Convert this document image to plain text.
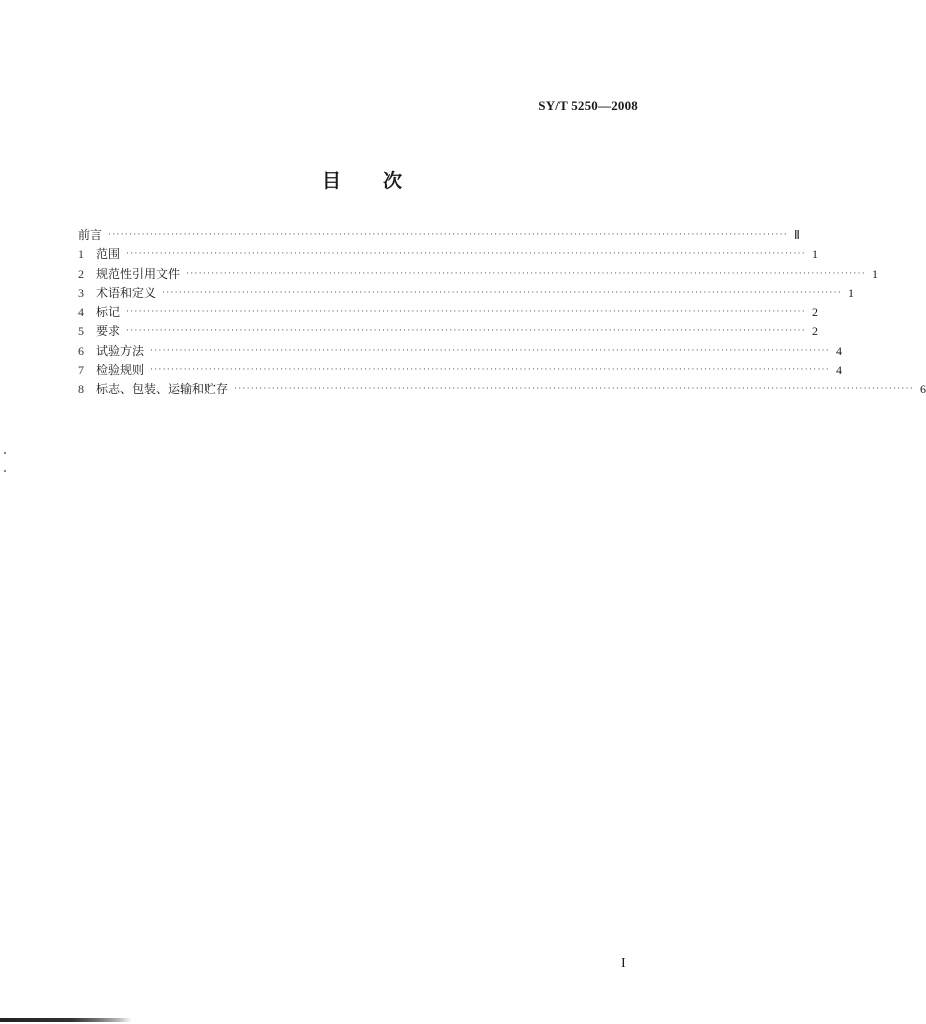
SY/T 5250—2008
目次
前言 ·································································································································································· Ⅱ
1	范围 ·································································································································································· 1
2	规范性引用文件 ·································································································································································· 1
3	术语和定义 ·································································································································································· 1
4	标记 ·································································································································································· 2
5	要求 ·································································································································································· 2
6	试验方法 ·································································································································································· 4
7	检验规则 ·································································································································································· 4
8	标志、包装、运输和贮存 ·································································································································································· 6
I
